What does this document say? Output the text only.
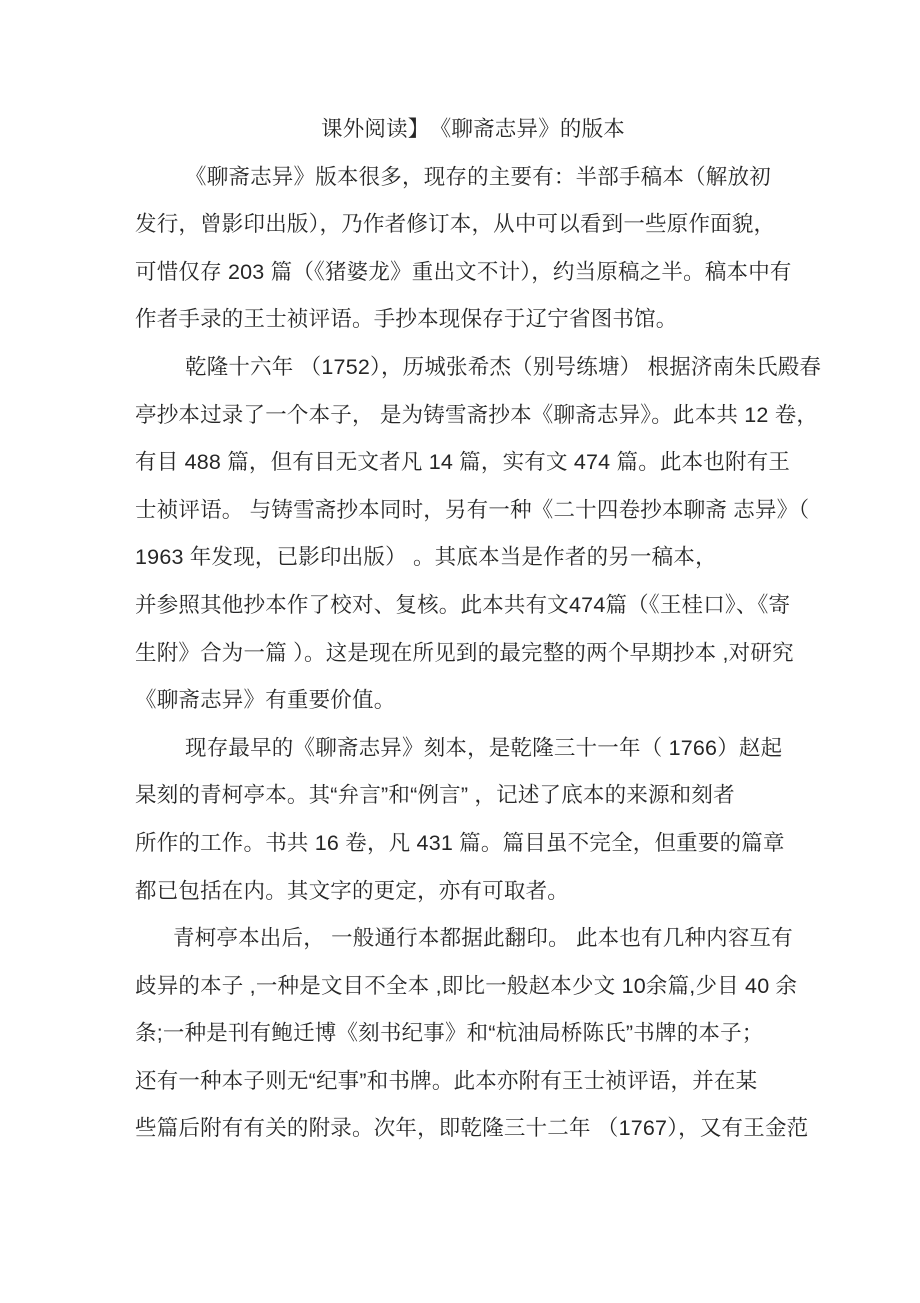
课外阅读】　《聊斋志异》的版本
《聊斋志异》版本很多，现存的主要有：半部手稿本（解放初
发行，曾影印出版），乃作者修订本，从中可以看到一些原作面貌，
可惜仅存 203 篇（《猪婆龙》重出文不计），约当原稿之半。稿本中有
作者手录的王士祯评语。手抄本现保存于辽宁省图书馆。
乾隆十六年 （1752），历城张希杰（别号练塘） 根据济南朱氏殿春
亭抄本过录了一个本子， 是为铸雪斋抄本《聊斋志异》。此本共 12 卷，
有目 488 篇，但有目无文者凡 14 篇，实有文 474 篇。此本也附有王
士祯评语。 与铸雪斋抄本同时，另有一种《二十四卷抄本聊斋 志异》（
1963 年发现，已影印出版） 。其底本当是作者的另一稿本，
并参照其他抄本作了校对、复核。此本共有文474篇（《王桂口》、《寄
生附》合为一篇 ）。这是现在所见到的最完整的两个早期抄本 ,对研究
《聊斋志异》有重要价值。
现存最早的《聊斋志异》刻本，是乾隆三十一年（ 1766）赵起
杲刻的青柯亭本。其“弁言”和“例言” ，记述了底本的来源和刻者
所作的工作。书共 16 卷，凡 431 篇。篇目虽不完全，但重要的篇章
都已包括在内。其文字的更定，亦有可取者。
青柯亭本出后， 一般通行本都据此翻印。 此本也有几种内容互有
歧异的本子 ,一种是文目不全本 ,即比一般赵本少文 10余篇,少目 40 余
条;一种是刊有鲍迁博《刻书纪事》和“杭油局桥陈氏”书牌的本子；
还有一种本子则无“纪事”和书牌。此本亦附有王士祯评语，并在某
些篇后附有有关的附录。次年，即乾隆三十二年 （1767），又有王金范
